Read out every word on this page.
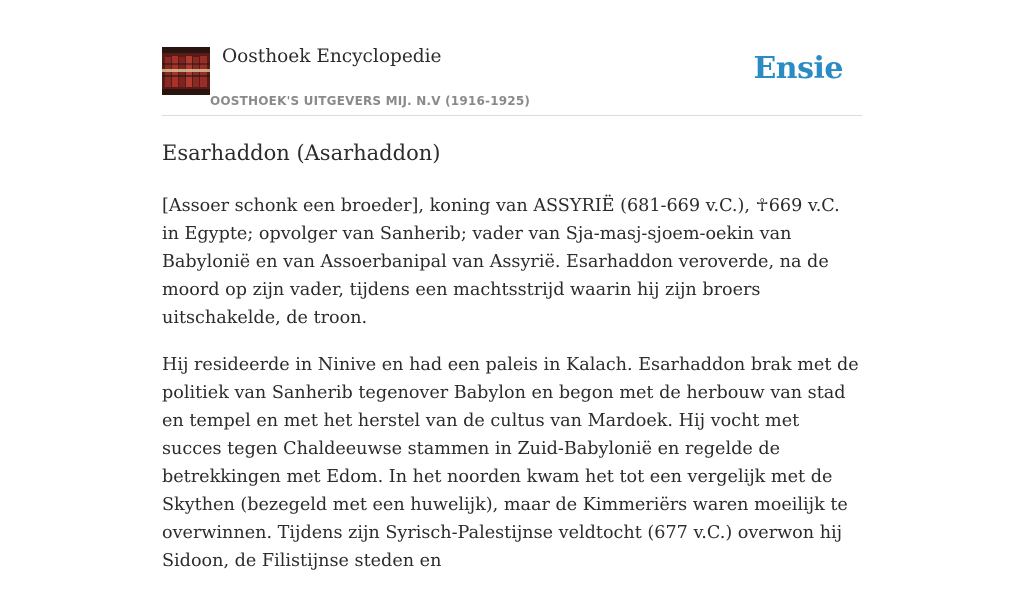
Oosthoek Encyclopedie
OOSTHOEK'S UITGEVERS MIJ. N.V (1916-1925)
Ensie
Esarhaddon (Asarhaddon)

[Assoer schonk een broeder], koning van ASSYRIË (681-669 v.C.), ☥669 v.C. in Egypte; opvolger van Sanherib; vader van Sja-masj-sjoem-oekin van Babylonië en van Assoerbanipal van Assyrië. Esarhaddon veroverde, na de moord op zijn vader, tijdens een machtsstrijd waarin hij zijn broers uitschakelde, de troon.

Hij resideerde in Ninive en had een paleis in Kalach. Esarhaddon brak met de politiek van Sanherib tegenover Babylon en begon met de herbouw van stad en tempel en met het herstel van de cultus van Mardoek. Hij vocht met succes tegen Chaldeeuwse stammen in Zuid-Babylonië en regelde de betrekkingen met Edom. In het noorden kwam het tot een vergelijk met de Skythen (bezegeld met een huwelijk), maar de Kimmeriërs waren moeilijk te overwinnen. Tijdens zijn Syrisch-Palestijnse veldtocht (677 v.C.) overwon hij Sidoon, de Filistijnse steden en
